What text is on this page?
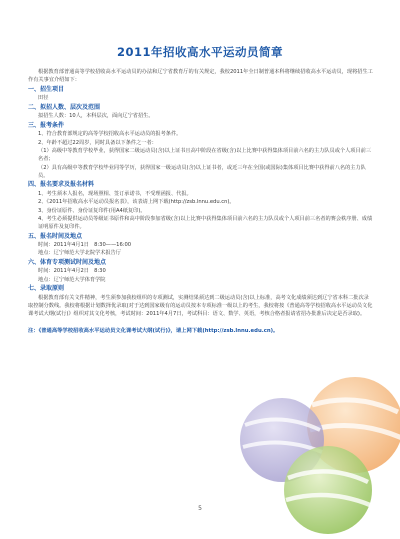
2011年招收高水平运动员简章

根据教育部普通高等学校招收高水平运动员的办法和辽宁省教育厅的有关规定，我校2011年全日制普通本科将继续招收高水平运动员，现将招生工作有关事宜介绍如下：

一、招生项目

田径

二、拟招人数、层次及范围

拟招生人数：10人，本科层次，面向辽宁省招生。

三、报考条件

1、符合教育部规定的高等学校招收高水平运动员的报考条件。

2、年龄不超过22周岁，同时具备以下条件之一者：

（1）高级中等教育学校毕业，获得国家二级运动员(含)以上证书且高中阶段在省级(含)以上比赛中获得集体项目前六名的主力队员或个人项目前三名者；

（2）具有高级中等教育学校毕业同等学历，获得国家一级运动员(含)以上证书者，或近三年在全国(或国际)集体项目比赛中获得前八名的主力队员。

四、报名要求及报名材料

1、考生须本人报名，现场照相、签订承诺书，不受理函报、代报。

2、《2011年招收高水平运动员报名表》，该表请上网下载(http://zsb.lnnu.edu.cn)。

3、身份证原件、身份证复印件(用A4纸复印)。

4、考生必须提供运动员等级证书原件和高中阶段参加省级(含)以上比赛中获得集体项目前六名的主力队员或个人项目前三名者的赛会秩序册、成绩证明原件及复印件。

五、报名时间及地点

时间：2011年4月1日　8:30——16:00

地点：辽宁师范大学北院学术报告厅

六、体育专项测试时间及地点

时间：2011年4月2日　8:30

地点：辽宁师范大学体育学院

七、录取原则

根据教育部有关文件精神，考生须参加我校组织的专项测试，实测结果须达到二级运动员(含)以上标准，高考文化成绩须达到辽宁省本科二批次录取控制分数线。我校将根据计划数择优录取(对于达到国家级有的运动员按本专项标准一级以上的考生，我校将按《普通高等学校招收高水平运动员文化课考试大纲(试行)》组织对其文化考核，考试时间：2011年4月7日，考试科目：语文、数学、英语，考核合格者报请省招办批准后决定是否录取)。

注：《普通高等学校招收高水平运动员文化课考试大纲(试行)》，请上网下载(http://zsb.lnnu.edu.cn)。

5
